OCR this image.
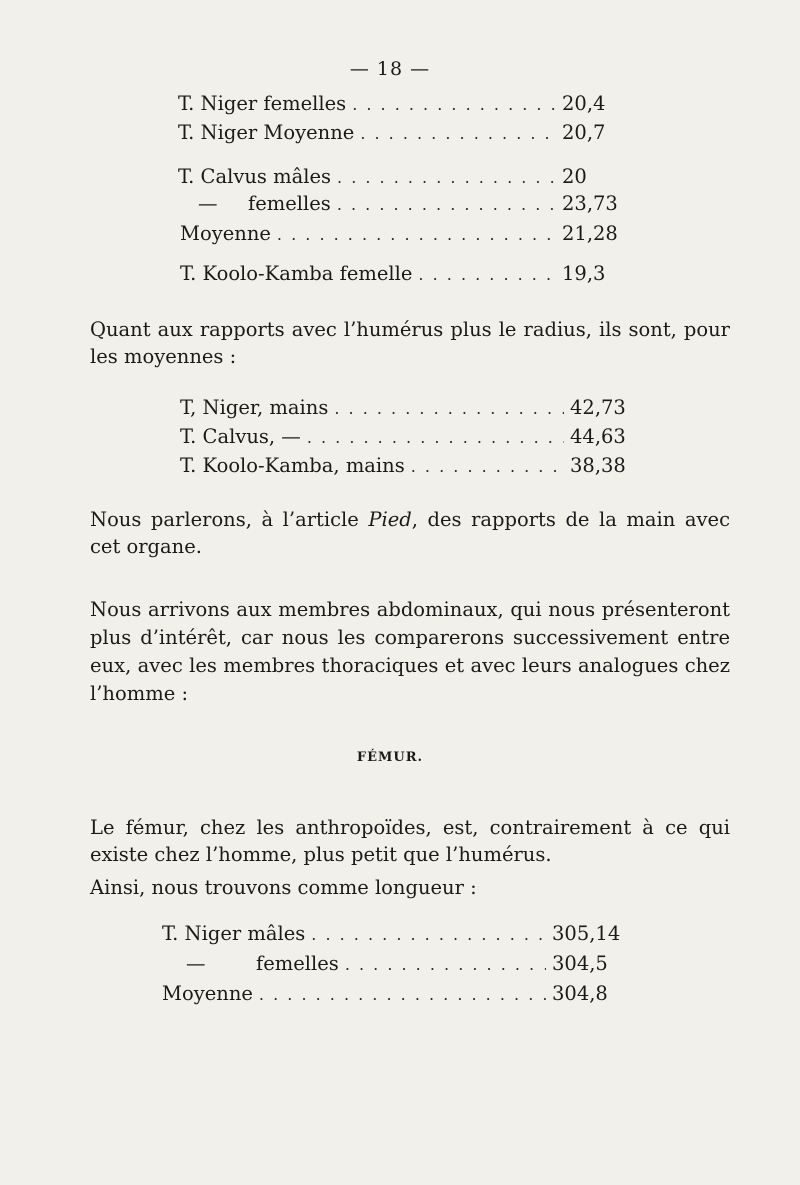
— 18 —
T. Niger femelles . . .	20,4
T. Niger Moyenne . . .	20,7
T. Calvus mâles . . .	20
—	femelles . . .	23,73
Moyenne . . .	21,28
T. Koolo-Kamba femelle . . .	19,3
Quant aux rapports avec l’humérus plus le radius, ils sont, pour les moyennes :
T, Niger, mains . . .	42,73
T. Calvus, — . . .	44,63
T. Koolo-Kamba, mains . . .	38,38
Nous parlerons, à l’article Pied, des rapports de la main avec cet organe.
Nous arrivons aux membres abdominaux, qui nous présenteront plus d’intérêt, car nous les comparerons successivement entre eux, avec les membres thoraciques et avec leurs analogues chez l’homme :
FÉMUR.
Le fémur, chez les anthropoïdes, est, contrairement à ce qui existe chez l’homme, plus petit que l’humérus.
Ainsi, nous trouvons comme longueur :
T. Niger mâles . . .	305,14
—	femelles . . .	304,5
Moyenne . . .	304,8
